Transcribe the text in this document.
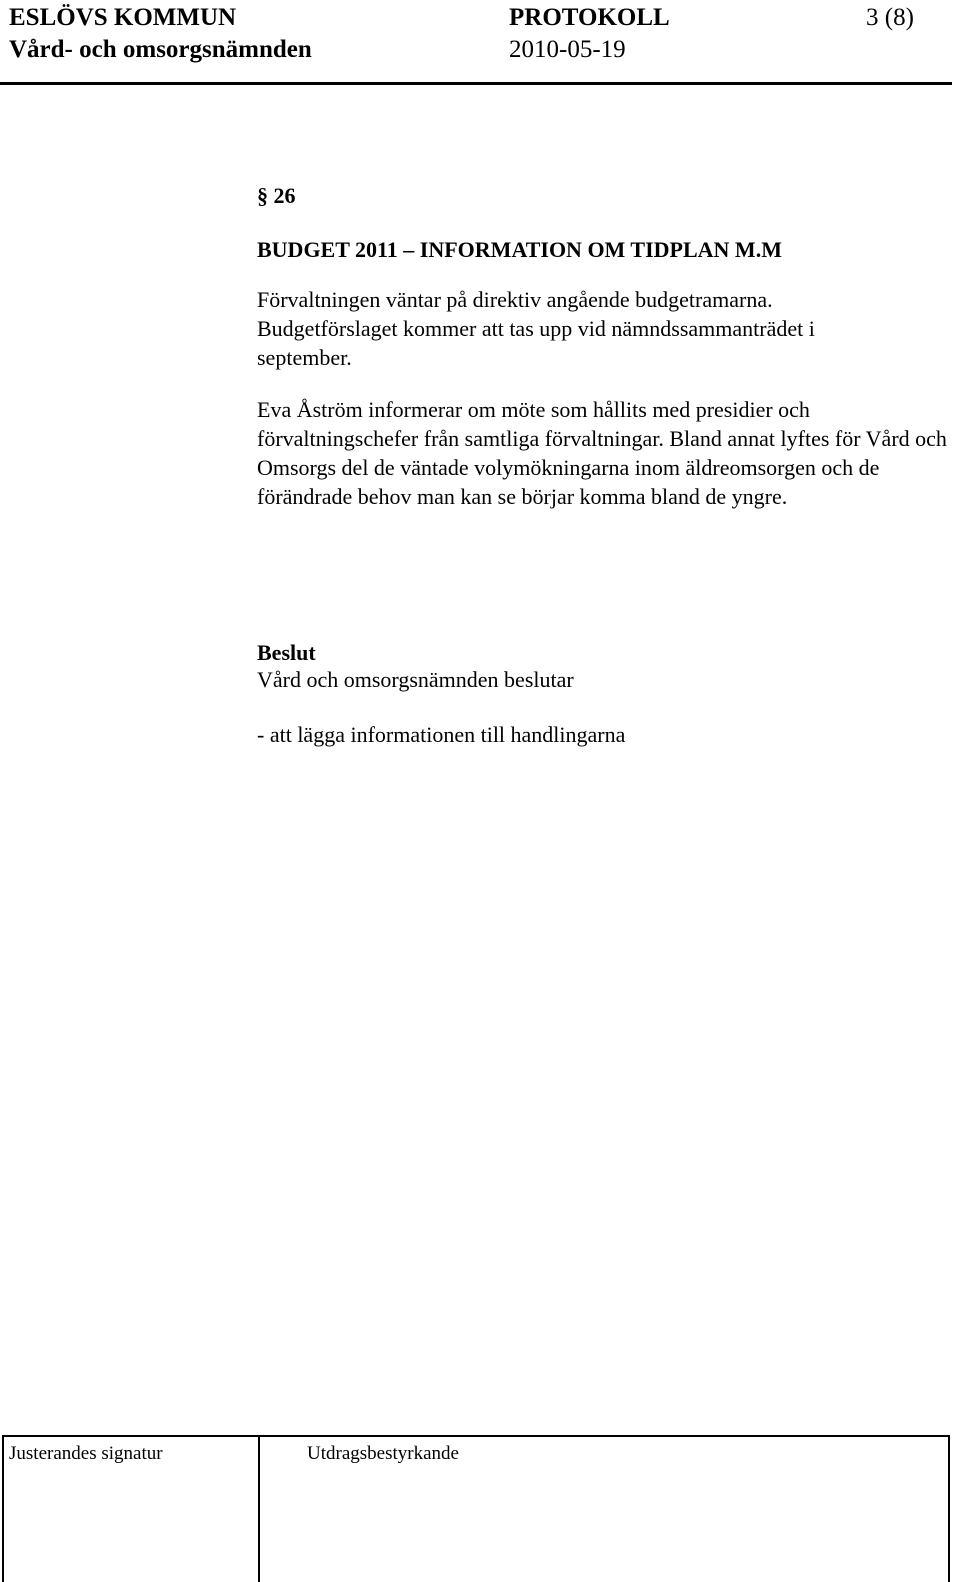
ESLÖVS KOMMUN	PROTOKOLL	3 (8)
Vård- och omsorgsnämnden	2010-05-19
§ 26
BUDGET 2011 – INFORMATION OM TIDPLAN M.M

Förvaltningen väntar på direktiv angående budgetramarna. Budgetförslaget kommer att tas upp vid nämndssammanträdet i september.

Eva Åström informerar om möte som hållits med presidier och förvaltningschefer från samtliga förvaltningar. Bland annat lyftes för Vård och Omsorgs del de väntade volymökningarna inom äldreomsorgen och de förändrade behov man kan se börjar komma bland de yngre.

Beslut
Vård och omsorgsnämnden beslutar
- att lägga informationen till handlingarna
Justerandes signatur	Utdragsbestyrkande
